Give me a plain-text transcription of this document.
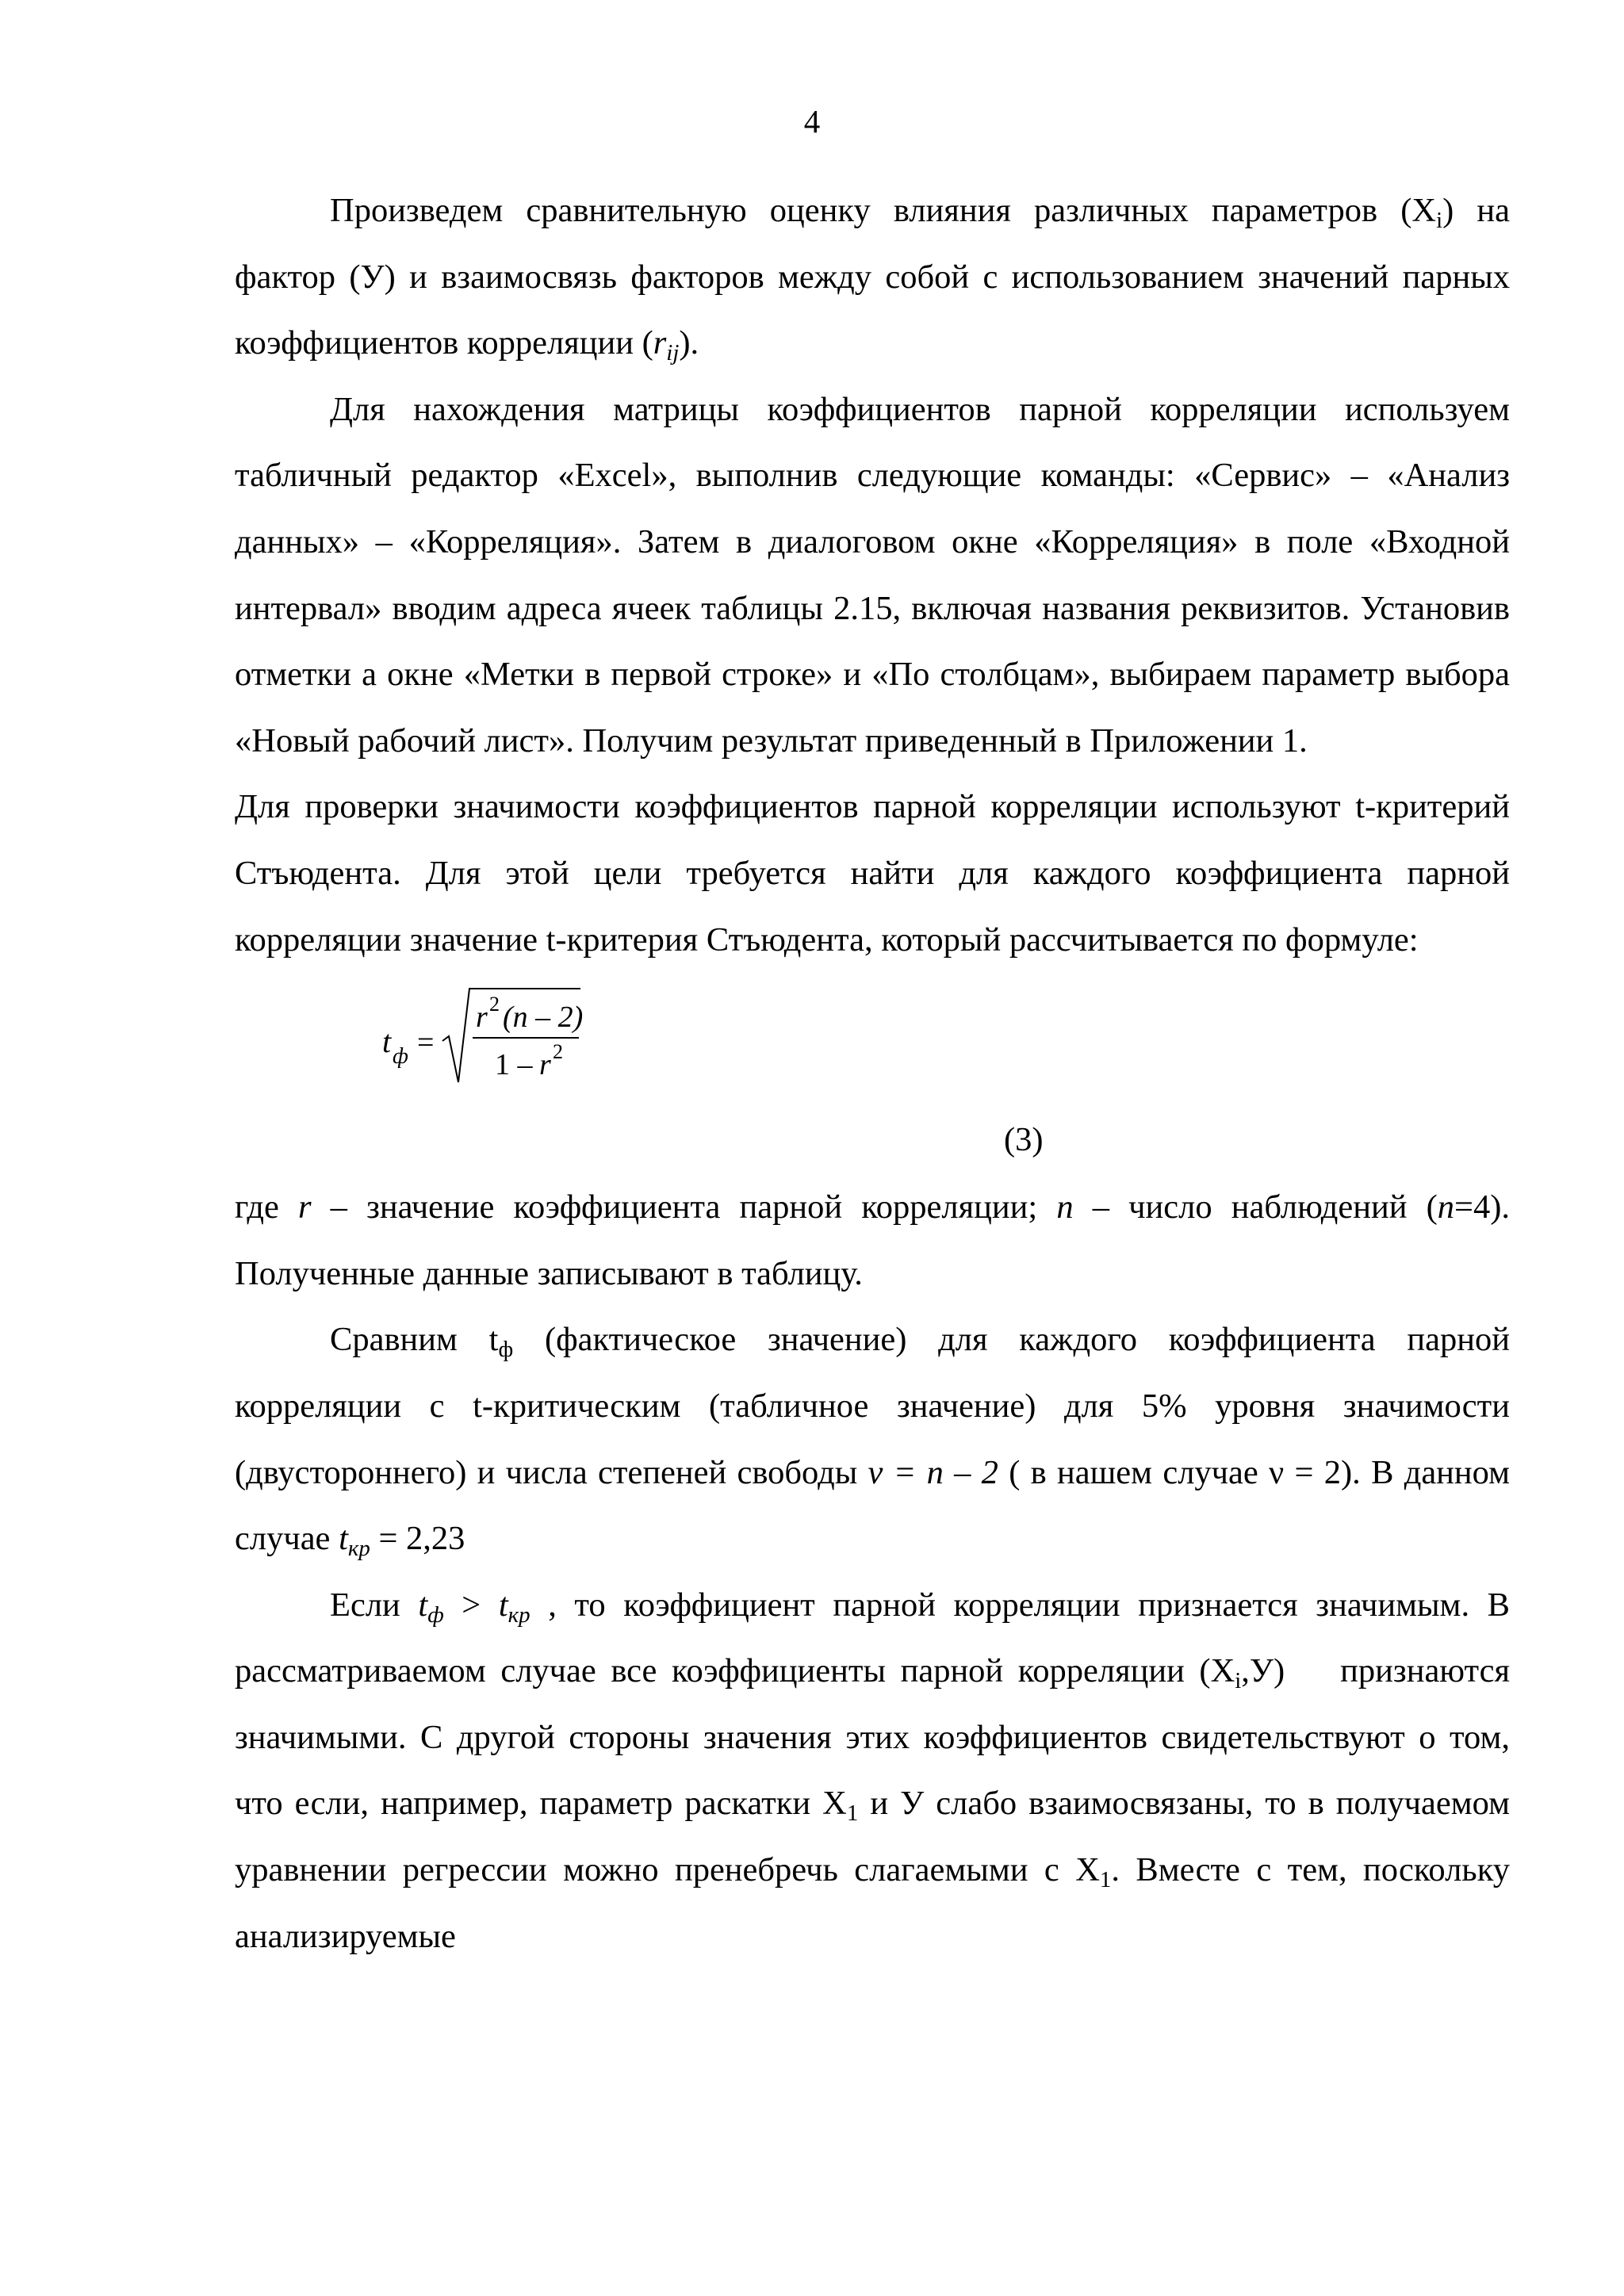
4

Произведем сравнительную оценку влияния различных параметров $(X_i)$ на фактор (У) и взаимосвязь факторов между собой с использованием значений парных коэффициентов корреляции $(r_{ij})$.

Для нахождения матрицы коэффициентов парной корреляции используем табличный редактор «Excel», выполнив следующие команды: «Сервис» – «Анализ данных» – «Корреляция». Затем в диалоговом окне «Корреляция» в поле «Входной интервал» вводим адреса ячеек таблицы 2.15, включая названия реквизитов. Установив отметки а окне «Метки в первой строке» и «По столбцам», выбираем параметр выбора «Новый рабочий лист». Получим результат приведенный в Приложении 1.

Для проверки значимости коэффициентов парной корреляции используют t-критерий Стъюдента. Для этой цели требуется найти для каждого коэффициента парной корреляции значение t-критерия Стъюдента, который рассчитывается по формуле:

t ф =
r 2 (n – 2)
1 – r 2
(3)

где r – значение коэффициента парной корреляции; n – число наблюдений (n=4). Полученные данные записывают в таблицу.

Сравним $t_ф$ (фактическое значение) для каждого коэффициента парной корреляции с t-критическим (табличное значение) для 5% уровня значимости (двустороннего) и числа степеней свободы v = n – 2 ( в нашем случае ν = 2). В данном случае $t_{кр} = 2,23$

Если $t_ф > t_{кр}$ , то коэффициент парной корреляции признается значимым. В рассматриваемом случае все коэффициенты парной корреляции $(X_i,У)$ признаются значимыми. С другой стороны значения этих коэффициентов свидетельствуют о том, что если, например, параметр раскатки $X_1$ и У слабо взаимосвязаны, то в получаемом уравнении регрессии можно пренебречь слагаемыми с $X_1$. Вместе с тем, поскольку анализируемые
